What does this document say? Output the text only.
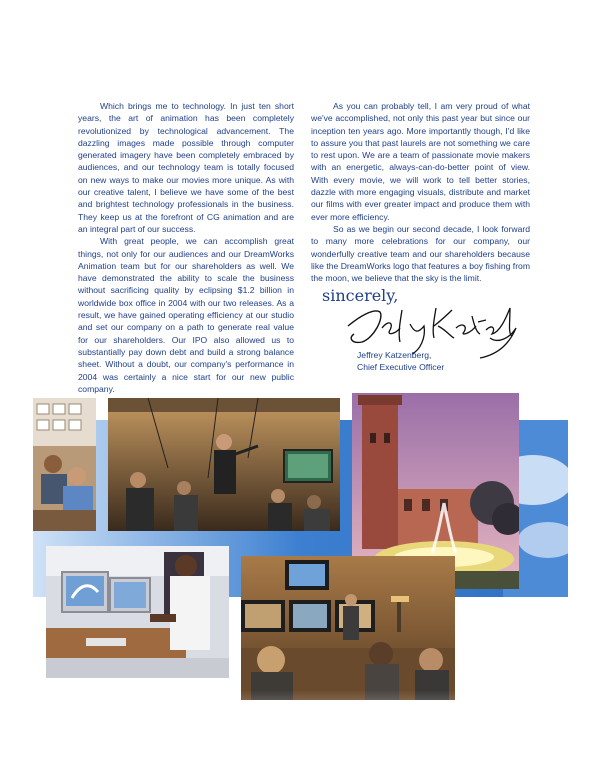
Which brings me to technology. In just ten short years, the art of animation has been completely revolutionized by technological advancement. The dazzling images made possible through computer generated imagery have been completely embraced by audiences, and our technology team is totally focused on new ways to make our movies more unique. As with our creative talent, I believe we have some of the best and brightest technology professionals in the business. They keep us at the forefront of CG animation and are an integral part of our success.

With great people, we can accomplish great things, not only for our audiences and our DreamWorks Animation team but for our shareholders as well. We have demonstrated the ability to scale the business without sacrificing quality by eclipsing $1.2 billion in worldwide box office in 2004 with our two releases. As a result, we have gained operating efficiency at our studio and set our company on a path to generate real value for our shareholders. Our IPO also allowed us to substantially pay down debt and build a strong balance sheet. Without a doubt, our company's performance in 2004 was certainly a nice start for our new public company.

As you can probably tell, I am very proud of what we've accomplished, not only this past year but since our inception ten years ago. More importantly though, I'd like to assure you that past laurels are not something we care to rest upon. We are a team of passionate movie makers with an energetic, always-can-do-better point of view. With every movie, we will work to tell better stories, dazzle with more engaging visuals, distribute and market our films with ever greater impact and produce them with ever more efficiency.

So as we begin our second decade, I look forward to many more celebrations for our company, our wonderfully creative team and our shareholders because like the DreamWorks logo that features a boy fishing from the moon, we believe that the sky is the limit.

sincerely,
Jeffrey Katzenberg,
Chief Executive Officer
